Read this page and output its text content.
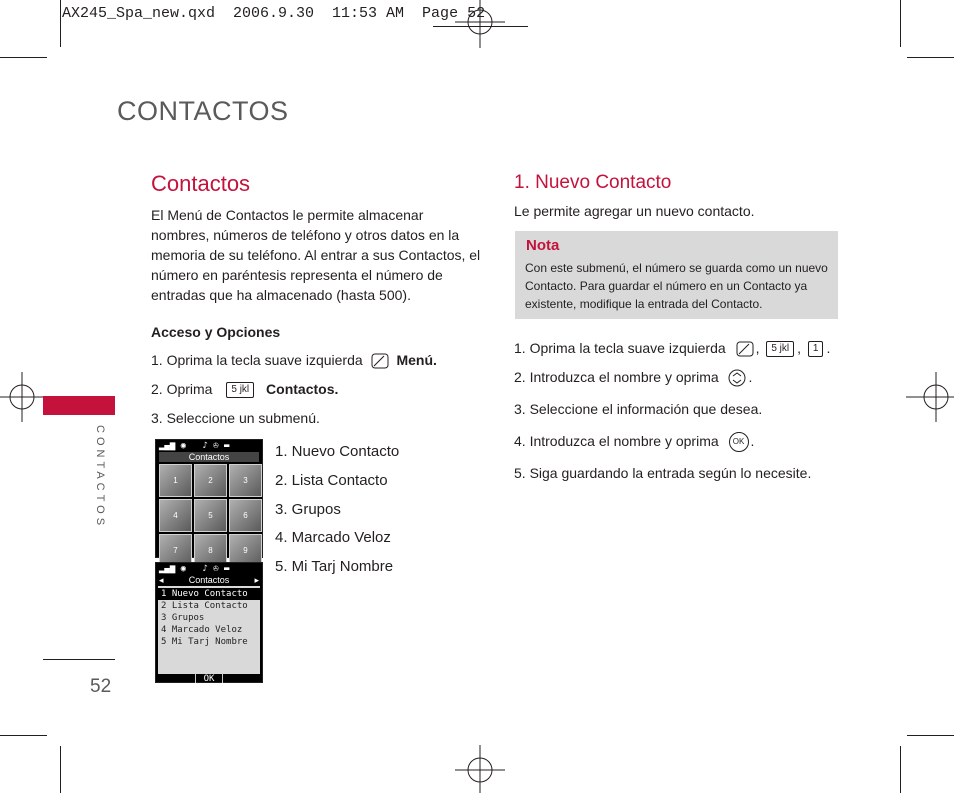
AX245_Spa_new.qxd  2006.9.30  11:53 AM  Page 52
CONTACTOS
CONTACTOS
52
Contactos
El Menú de Contactos le permite almacenar nombres, números de teléfono y otros datos en la memoria de su teléfono. Al entrar a sus Contactos, el número en paréntesis representa el número de entradas que ha almacenado (hasta 500).
Acceso y Opciones
1. Oprima la tecla suave izquierda Menú.
2. Oprima 5 jkl Contactos.
3. Seleccione un submenú.
▂▄▆ ◉   ♪ ✇ ▬
Contactos
1	2	3
4	5	6
7	8	9
▂▄▆ ◉   ♪ ✇ ▬
◂	Contactos	▸
1 Nuevo Contacto
2 Lista Contacto
3 Grupos
4 Marcado Veloz
5 Mi Tarj Nombre
| OK |
1. Nuevo Contacto
2. Lista Contacto
3. Grupos
4. Marcado Veloz
5. Mi Tarj Nombre
1. Nuevo Contacto
Le permite agregar un nuevo contacto.
Nota
Con este submenú, el número se guarda como un nuevo Contacto. Para guardar el número en un Contacto ya existente, modifique la entrada del Contacto.
1. Oprima la tecla suave izquierda , 5 jkl , 1 .
2. Introduzca el nombre y oprima .
3. Seleccione el información que desea.
4. Introduzca el nombre y oprima OK .
5. Siga guardando la entrada según lo necesite.
